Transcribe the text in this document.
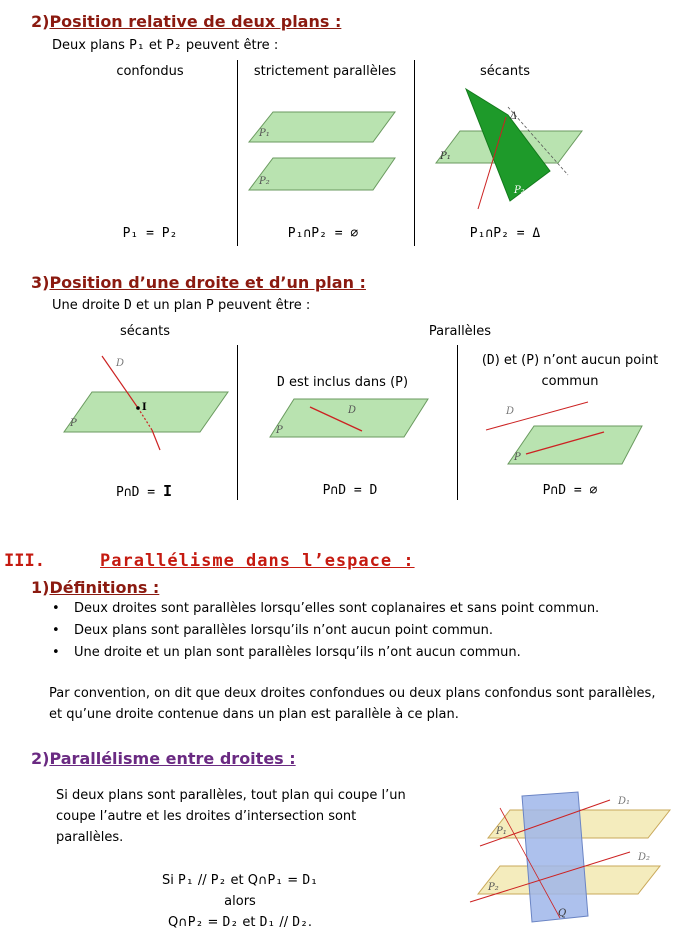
2)Position relative de deux plans :
Deux plans P₁ et P₂ peuvent être :
confondus	strictement parallèles	sécants
P₁
P₂
Δ
P₁
P₂
P₁ = P₂	P₁∩P₂ = ∅	P₁∩P₂ = Δ
3)Position d’une droite et d’un plan :
Une droite D et un plan P peuvent être :
sécants	Parallèles
I
D
P
D est inclus dans (P)
D
P
(D) et (P) n’ont aucun point
commun
D
P
P∩D = I	P∩D = D	P∩D = ∅
III.	Parallélisme dans l’espace :
1)Définitions :
• Deux droites sont parallèles lorsqu’elles sont coplanaires et sans point commun.
• Deux plans sont parallèles lorsqu’ils n’ont aucun point commun.
• Une droite et un plan sont parallèles lorsqu’ils n’ont aucun commun.
Par convention, on dit que deux droites confondues ou deux plans confondus sont parallèles,
et qu’une droite contenue dans un plan est parallèle à ce plan.
2)Parallélisme entre droites :
Si deux plans sont parallèles, tout plan qui coupe l’un
coupe l’autre et les droites d’intersection sont
parallèles.
Si P₁ // P₂ et Q∩P₁ = D₁
alors
Q∩P₂ = D₂ et D₁ // D₂.
D₁
D₂
P₁
P₂
Q
